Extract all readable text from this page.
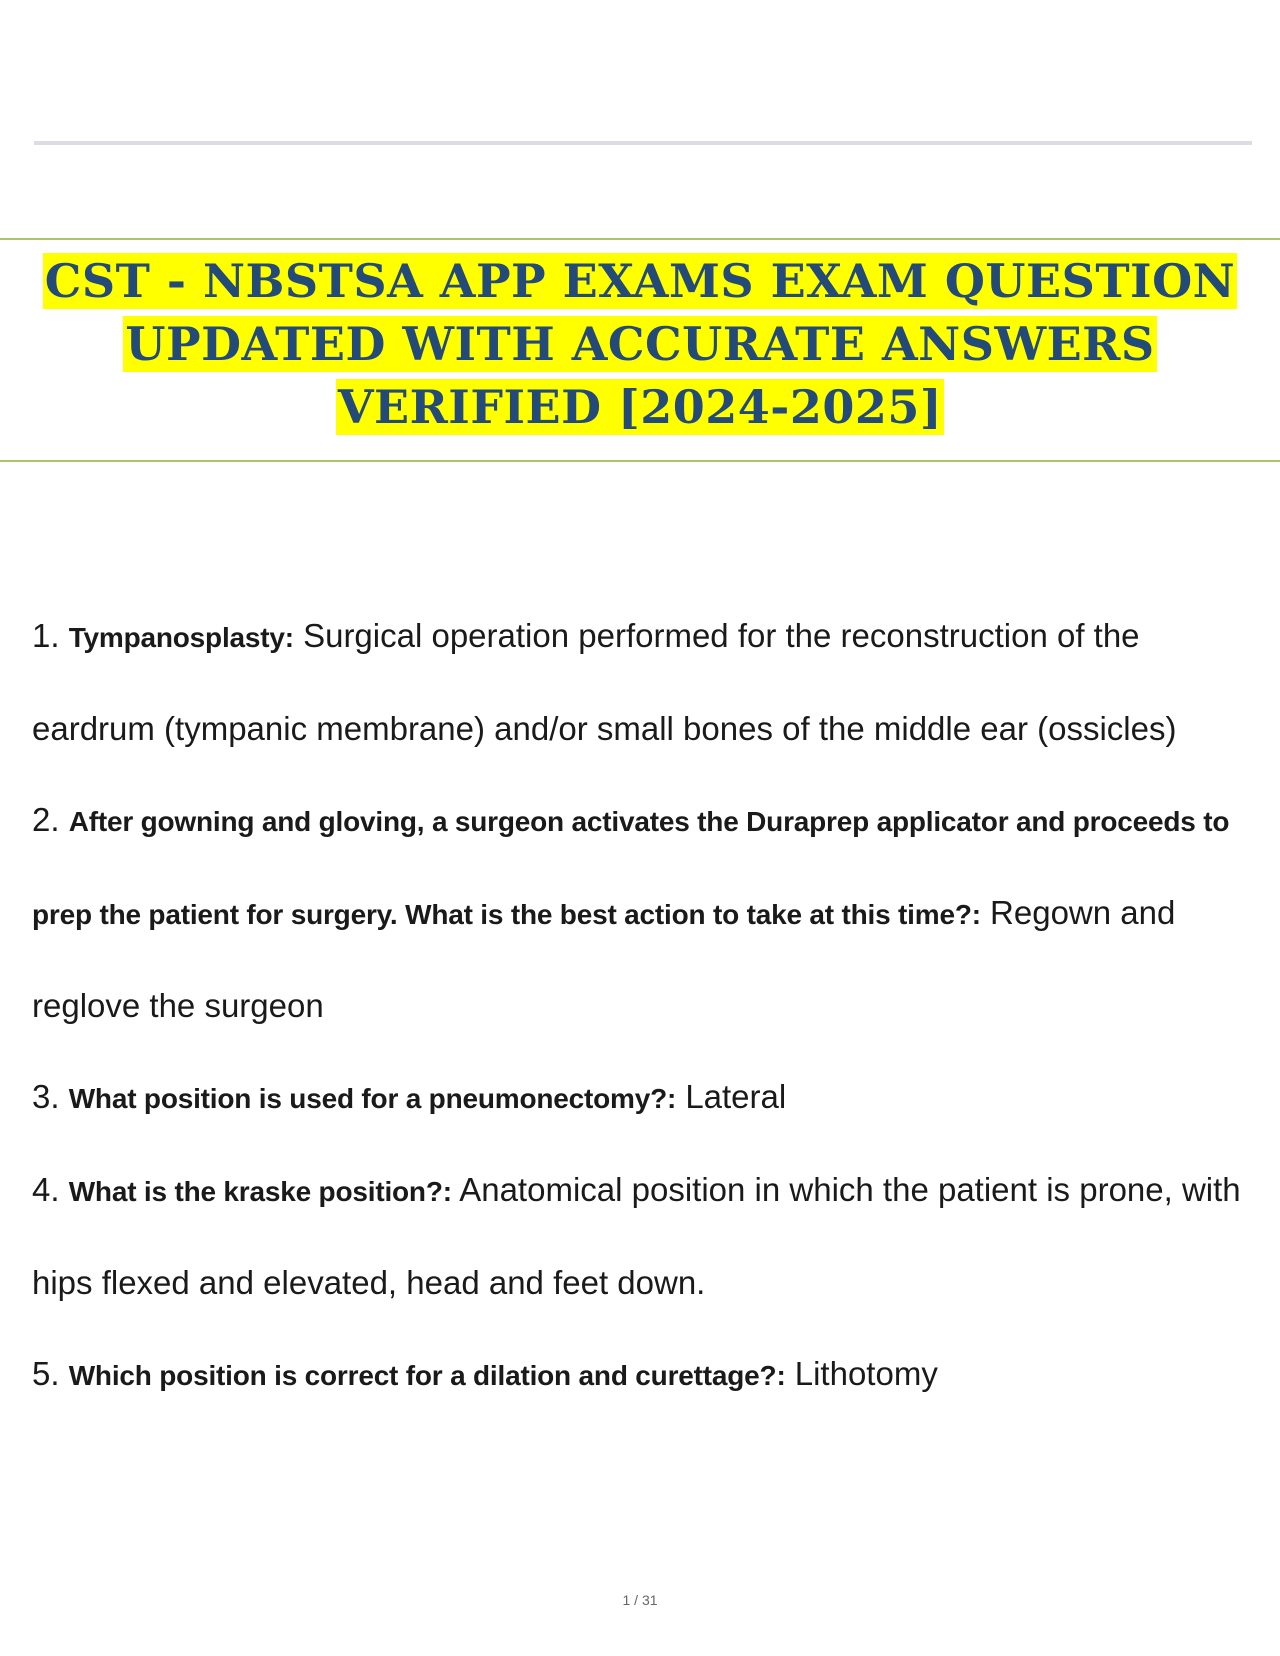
CST - NBSTSA APP EXAMS EXAM QUESTION
UPDATED WITH ACCURATE ANSWERS
VERIFIED [2024-2025]
1. Tympanosplasty: Surgical operation performed for the reconstruction of the eardrum (tympanic membrane) and/or small bones of the middle ear (ossicles)
2. After gowning and gloving, a surgeon activates the Duraprep applicator and proceeds to prep the patient for surgery. What is the best action to take at this time?: Regown and reglove the surgeon
3. What position is used for a pneumonectomy?: Lateral
4. What is the kraske position?: Anatomical position in which the patient is prone, with hips flexed and elevated, head and feet down.
5. Which position is correct for a dilation and curettage?: Lithotomy
1 / 31
